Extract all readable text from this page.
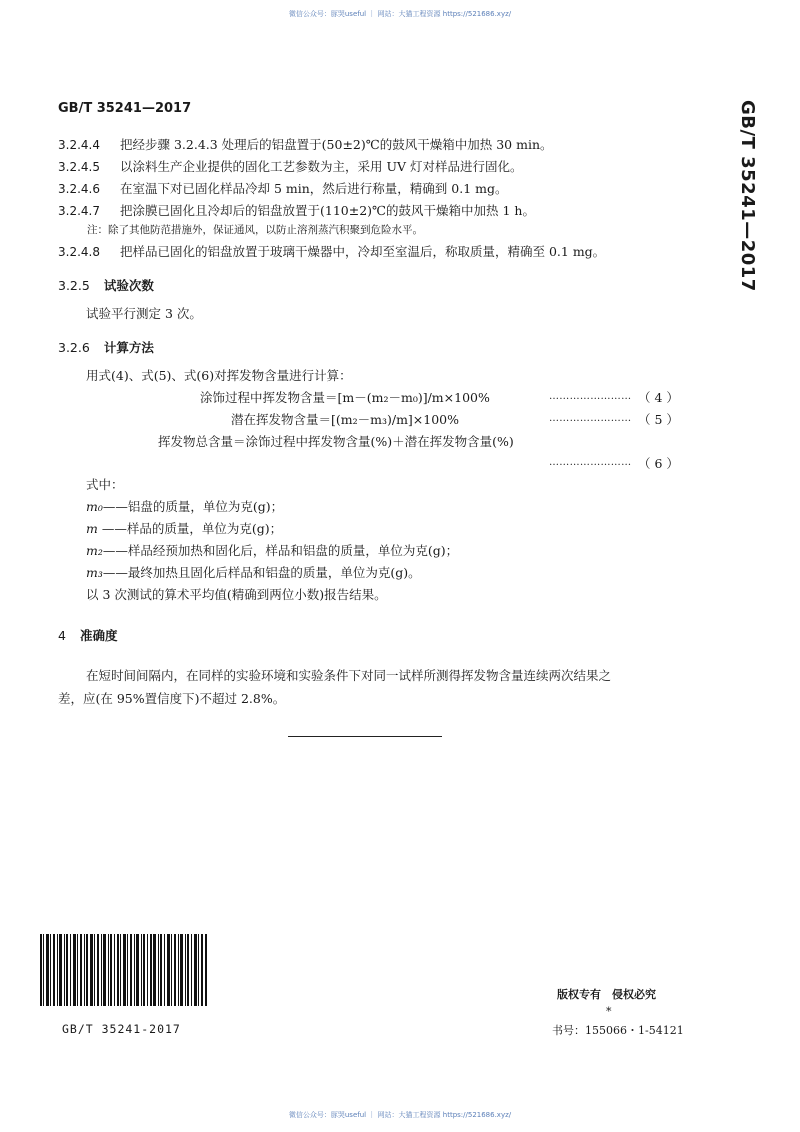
微信公众号：豚哭useful ｜ 网站：大猫工程资源 https://521686.xyz/
GB/T 35241—2017	GB/T 35241—2017
3.2.4.4 把经步骤 3.2.4.3 处理后的铝盘置于(50±2)℃的鼓风干燥箱中加热 30 min。
3.2.4.5 以涂料生产企业提供的固化工艺参数为主，采用 UV 灯对样品进行固化。
3.2.4.6 在室温下对已固化样品冷却 5 min，然后进行称量，精确到 0.1 mg。
3.2.4.7 把涂膜已固化且冷却后的铝盘放置于(110±2)℃的鼓风干燥箱中加热 1 h。
注：除了其他防范措施外，保证通风，以防止溶剂蒸汽积聚到危险水平。
3.2.4.8 把样品已固化的铝盘放置于玻璃干燥器中，冷却至室温后，称取质量，精确至 0.1 mg。
3.2.5 试验次数
试验平行测定 3 次。
3.2.6 计算方法
用式(4)、式(5)、式(6)对挥发物含量进行计算：
涂饰过程中挥发物含量＝[m－(m₂－m₀)]/m×100%	…………………… （ 4 ）
潜在挥发物含量＝[(m₂－m₃)/m]×100%	…………………… （ 5 ）
挥发物总含量＝涂饰过程中挥发物含量(%)＋潜在挥发物含量(%)
…………………… （ 6 ）
式中：
m₀——铝盘的质量，单位为克(g)；
m ——样品的质量，单位为克(g)；
m₂——样品经预加热和固化后，样品和铝盘的质量，单位为克(g)；
m₃——最终加热且固化后样品和铝盘的质量，单位为克(g)。
以 3 次测试的算术平均值(精确到两位小数)报告结果。
4 准确度
在短时间间隔内，在同样的实验环境和实验条件下对同一试样所测得挥发物含量连续两次结果之
差，应(在 95%置信度下)不超过 2.8%。
GB/T 35241-2017
版权专有　侵权必究
*
书号：155066・1-54121
微信公众号：豚哭useful ｜ 网站：大猫工程资源 https://521686.xyz/
